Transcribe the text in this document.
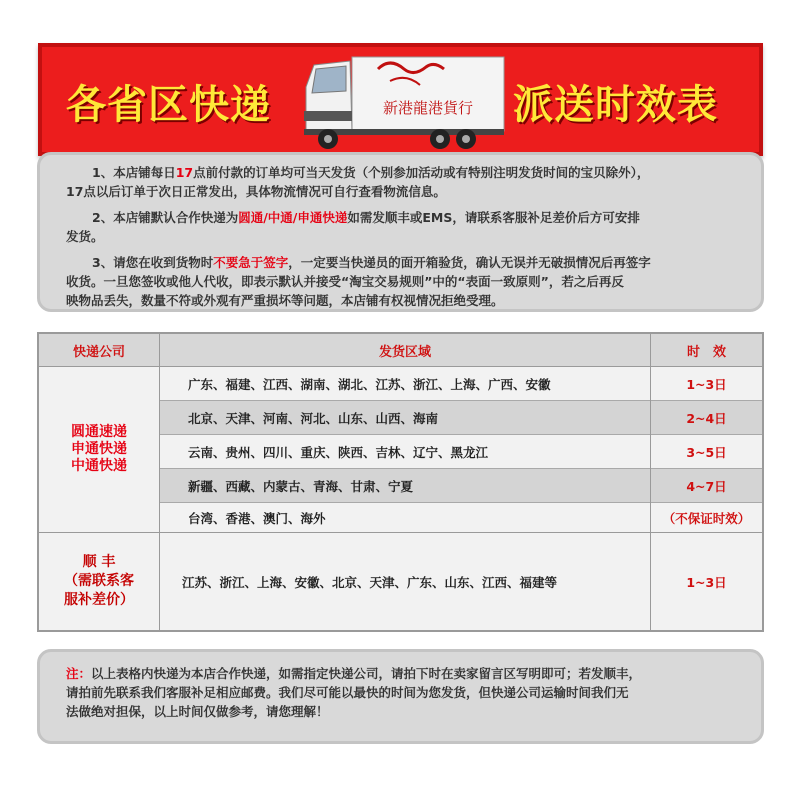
各省区快递	新港龍港貨行 派送时效表
1、本店铺每日17点前付款的订单均可当天发货（个别参加活动或有特别注明发货时间的宝贝除外），
17点以后订单于次日正常发出，具体物流情况可自行查看物流信息。
2、本店铺默认合作快递为圆通/中通/申通快递如需发顺丰或EMS，请联系客服补足差价后方可安排
发货。
3、请您在收到货物时不要急于签字，一定要当快递员的面开箱验货，确认无误并无破损情况后再签字
收货。一旦您签收或他人代收，即表示默认并接受“淘宝交易规则”中的“表面一致原则”，若之后再反
映物品丢失，数量不符或外观有严重损坏等问题，本店铺有权视情况拒绝受理。
快递公司	发货区域	时　效
圆通速递
申通快递
中通快递
广东、福建、江西、湖南、湖北、江苏、浙江、上海、广西、安徽	1~3日
北京、天津、河南、河北、山东、山西、海南	2~4日
云南、贵州、四川、重庆、陕西、吉林、辽宁、黑龙江	3~5日
新疆、西藏、内蒙古、青海、甘肃、宁夏	4~7日
台湾、香港、澳门、海外	（不保证时效）
顺 丰
（需联系客
服补差价）
江苏、浙江、上海、安徽、北京、天津、广东、山东、江西、福建等	1~3日
注：以上表格内快递为本店合作快递，如需指定快递公司，请拍下时在卖家留言区写明即可；若发顺丰，
请拍前先联系我们客服补足相应邮费。我们尽可能以最快的时间为您发货，但快递公司运输时间我们无
法做绝对担保，以上时间仅做参考，请您理解！
